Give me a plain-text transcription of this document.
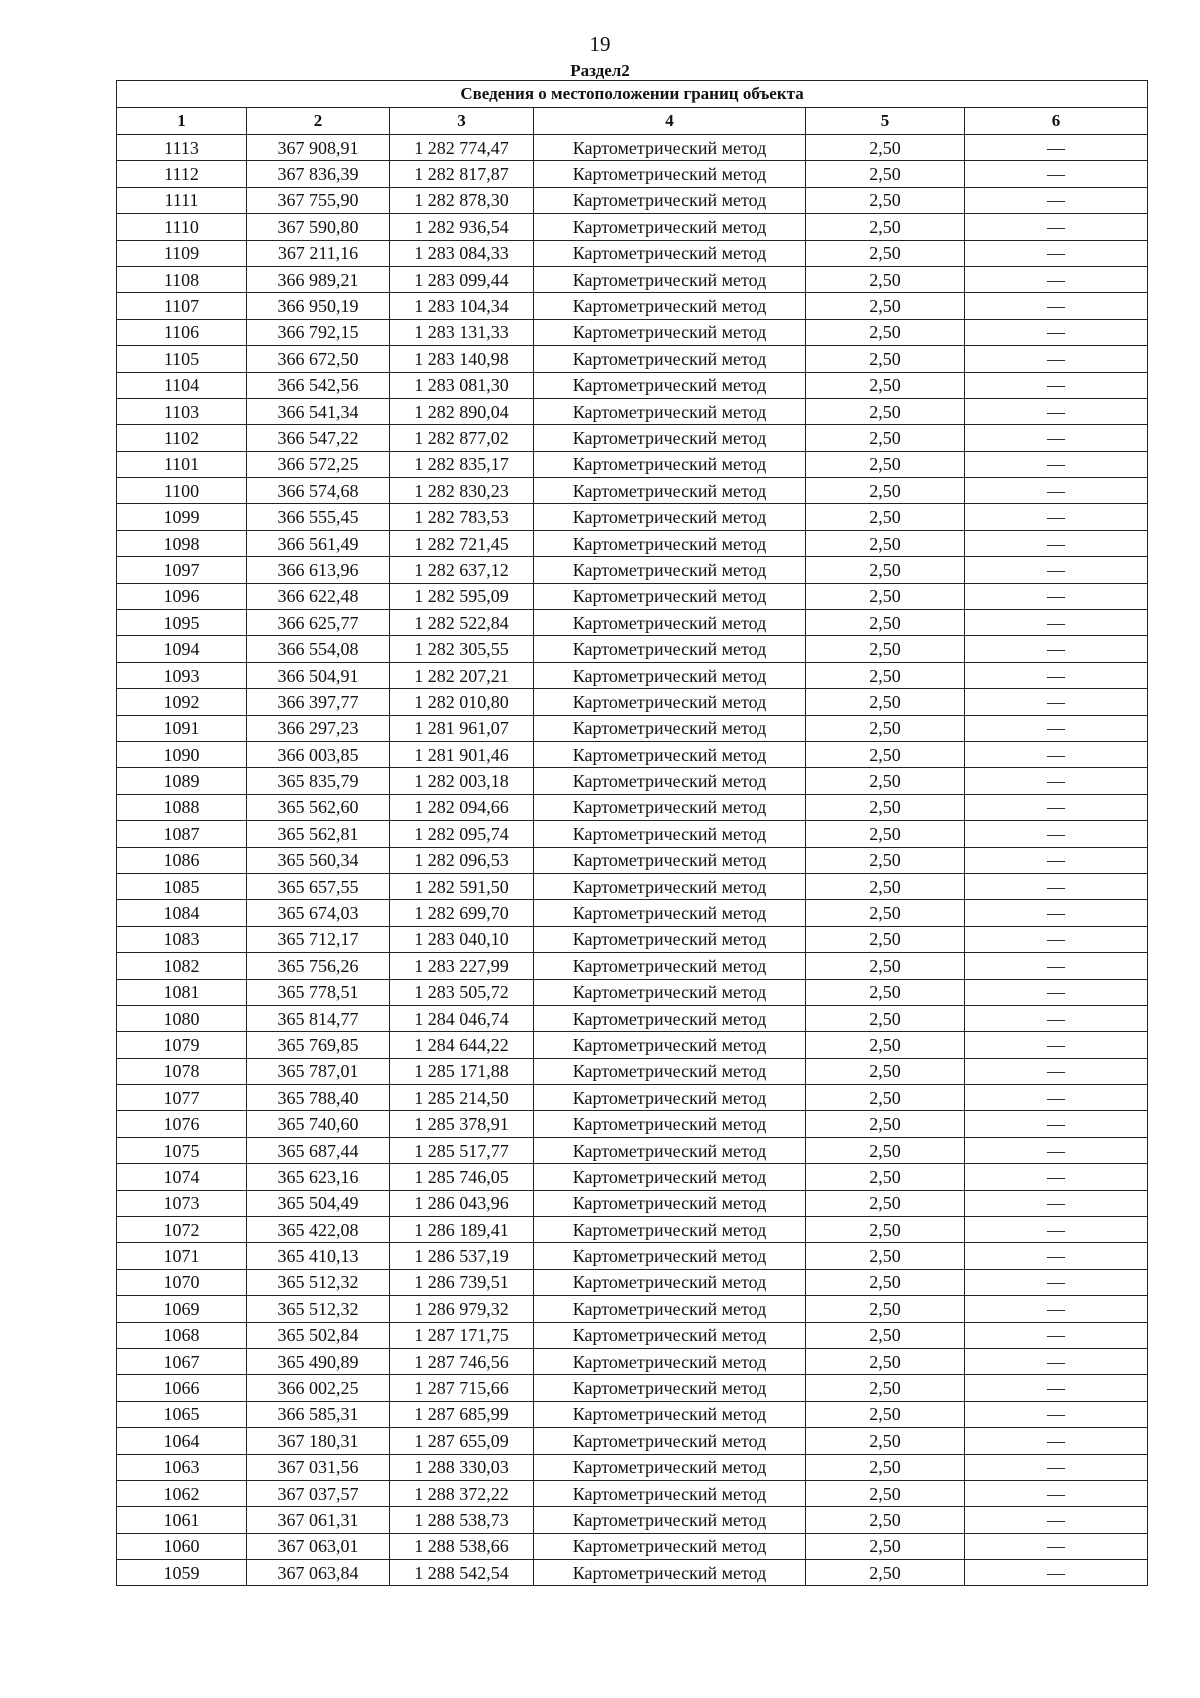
19
Раздел2
Сведения о местоположении границ объекта					
1	2	3	4	5	6
1113	367 908,91	1 282 774,47	Картометрический метод	2,50	—
1112	367 836,39	1 282 817,87	Картометрический метод	2,50	—
1111	367 755,90	1 282 878,30	Картометрический метод	2,50	—
1110	367 590,80	1 282 936,54	Картометрический метод	2,50	—
1109	367 211,16	1 283 084,33	Картометрический метод	2,50	—
1108	366 989,21	1 283 099,44	Картометрический метод	2,50	—
1107	366 950,19	1 283 104,34	Картометрический метод	2,50	—
1106	366 792,15	1 283 131,33	Картометрический метод	2,50	—
1105	366 672,50	1 283 140,98	Картометрический метод	2,50	—
1104	366 542,56	1 283 081,30	Картометрический метод	2,50	—
1103	366 541,34	1 282 890,04	Картометрический метод	2,50	—
1102	366 547,22	1 282 877,02	Картометрический метод	2,50	—
1101	366 572,25	1 282 835,17	Картометрический метод	2,50	—
1100	366 574,68	1 282 830,23	Картометрический метод	2,50	—
1099	366 555,45	1 282 783,53	Картометрический метод	2,50	—
1098	366 561,49	1 282 721,45	Картометрический метод	2,50	—
1097	366 613,96	1 282 637,12	Картометрический метод	2,50	—
1096	366 622,48	1 282 595,09	Картометрический метод	2,50	—
1095	366 625,77	1 282 522,84	Картометрический метод	2,50	—
1094	366 554,08	1 282 305,55	Картометрический метод	2,50	—
1093	366 504,91	1 282 207,21	Картометрический метод	2,50	—
1092	366 397,77	1 282 010,80	Картометрический метод	2,50	—
1091	366 297,23	1 281 961,07	Картометрический метод	2,50	—
1090	366 003,85	1 281 901,46	Картометрический метод	2,50	—
1089	365 835,79	1 282 003,18	Картометрический метод	2,50	—
1088	365 562,60	1 282 094,66	Картометрический метод	2,50	—
1087	365 562,81	1 282 095,74	Картометрический метод	2,50	—
1086	365 560,34	1 282 096,53	Картометрический метод	2,50	—
1085	365 657,55	1 282 591,50	Картометрический метод	2,50	—
1084	365 674,03	1 282 699,70	Картометрический метод	2,50	—
1083	365 712,17	1 283 040,10	Картометрический метод	2,50	—
1082	365 756,26	1 283 227,99	Картометрический метод	2,50	—
1081	365 778,51	1 283 505,72	Картометрический метод	2,50	—
1080	365 814,77	1 284 046,74	Картометрический метод	2,50	—
1079	365 769,85	1 284 644,22	Картометрический метод	2,50	—
1078	365 787,01	1 285 171,88	Картометрический метод	2,50	—
1077	365 788,40	1 285 214,50	Картометрический метод	2,50	—
1076	365 740,60	1 285 378,91	Картометрический метод	2,50	—
1075	365 687,44	1 285 517,77	Картометрический метод	2,50	—
1074	365 623,16	1 285 746,05	Картометрический метод	2,50	—
1073	365 504,49	1 286 043,96	Картометрический метод	2,50	—
1072	365 422,08	1 286 189,41	Картометрический метод	2,50	—
1071	365 410,13	1 286 537,19	Картометрический метод	2,50	—
1070	365 512,32	1 286 739,51	Картометрический метод	2,50	—
1069	365 512,32	1 286 979,32	Картометрический метод	2,50	—
1068	365 502,84	1 287 171,75	Картометрический метод	2,50	—
1067	365 490,89	1 287 746,56	Картометрический метод	2,50	—
1066	366 002,25	1 287 715,66	Картометрический метод	2,50	—
1065	366 585,31	1 287 685,99	Картометрический метод	2,50	—
1064	367 180,31	1 287 655,09	Картометрический метод	2,50	—
1063	367 031,56	1 288 330,03	Картометрический метод	2,50	—
1062	367 037,57	1 288 372,22	Картометрический метод	2,50	—
1061	367 061,31	1 288 538,73	Картометрический метод	2,50	—
1060	367 063,01	1 288 538,66	Картометрический метод	2,50	—
1059	367 063,84	1 288 542,54	Картометрический метод	2,50	—
